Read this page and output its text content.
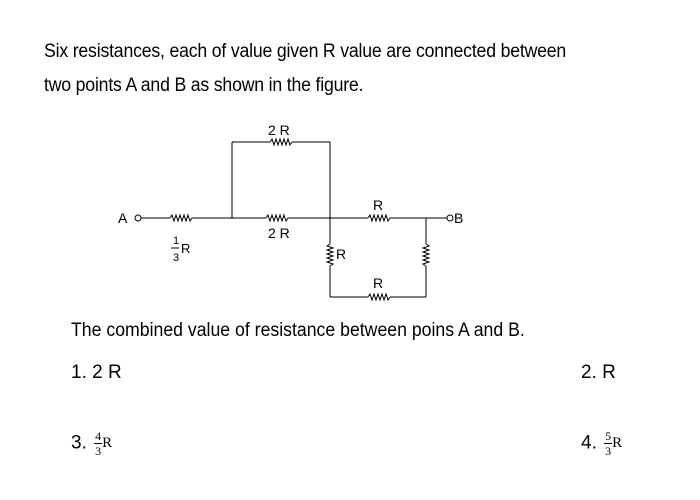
Six resistances, each of value given R value are connected between
two points A and B as shown in the figure.
A	B
1 R
3
2 R
2 R
R
R
R
The combined value of resistance between poins A and B.
1. 2 R	2. R
3. $\frac{4}{3}R$	4. $\frac{5}{3}R$
